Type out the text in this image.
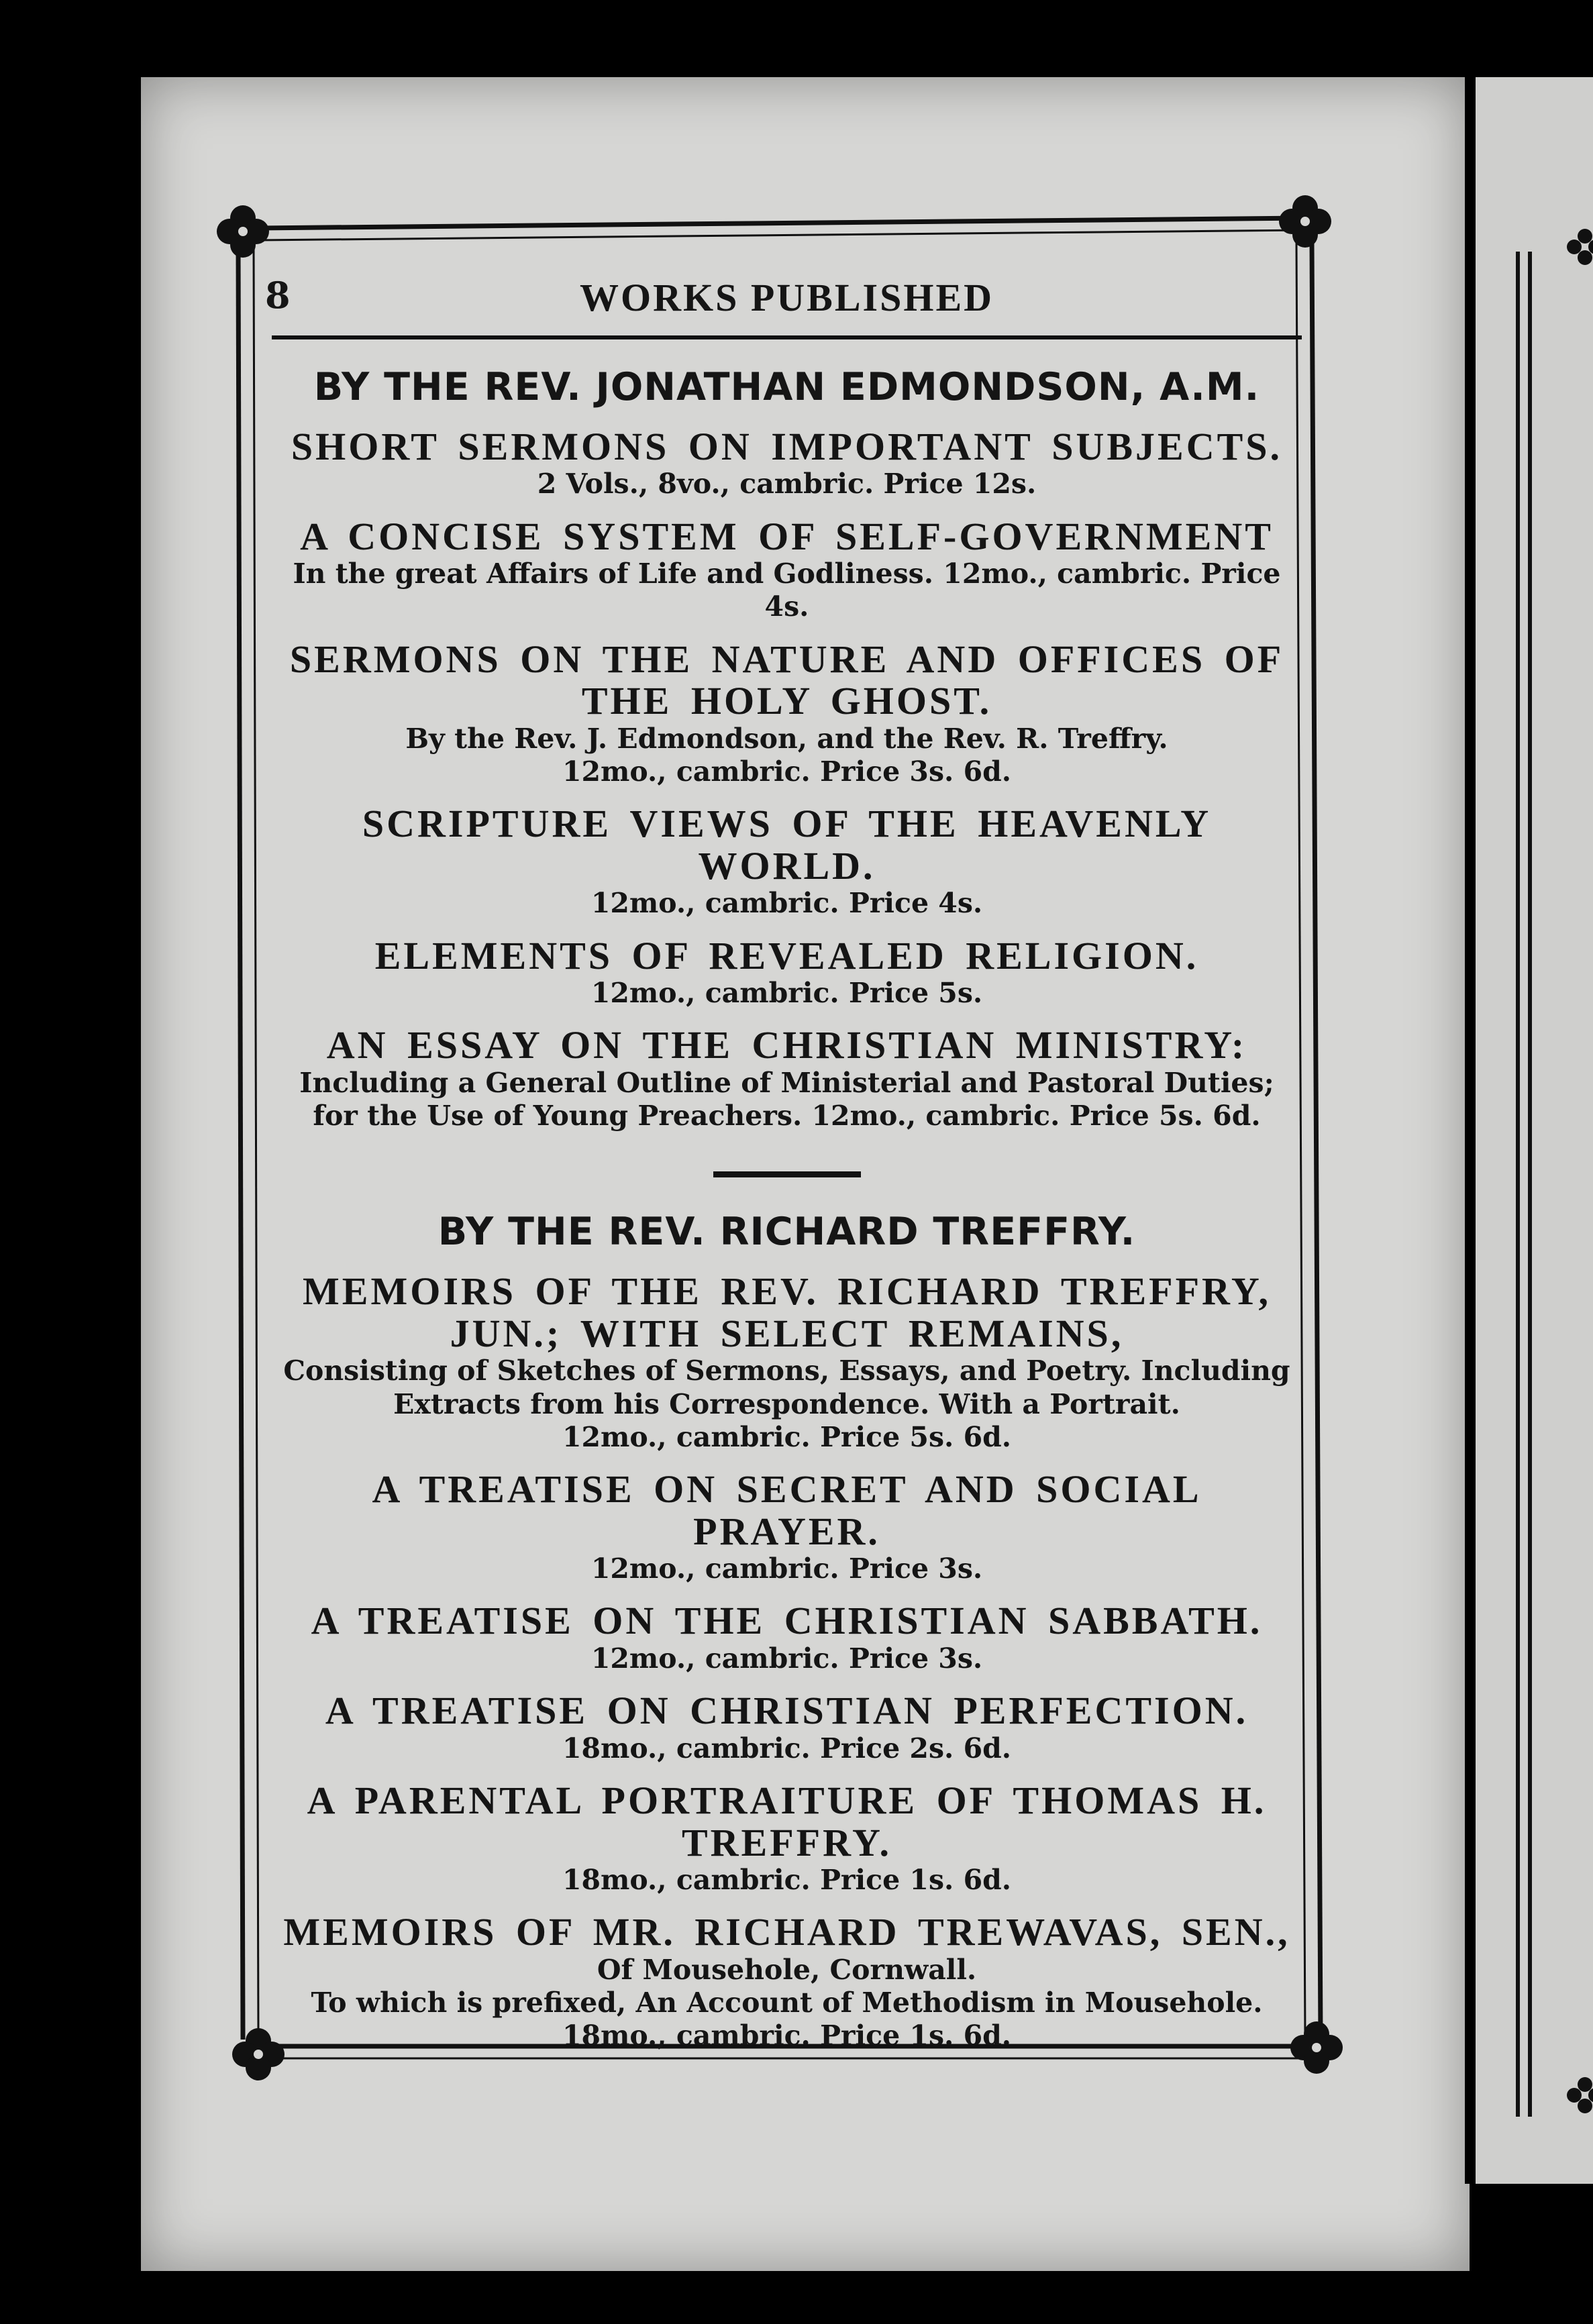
8	WORKS PUBLISHED
BY THE REV. JONATHAN EDMONDSON, A.M.
SHORT SERMONS ON IMPORTANT SUBJECTS.
2 Vols., 8vo., cambric. Price 12s.
A CONCISE SYSTEM OF SELF-GOVERNMENT
In the great Affairs of Life and Godliness. 12mo., cambric. Price 4s.
SERMONS ON THE NATURE AND OFFICES OF THE HOLY GHOST.
By the Rev. J. Edmondson, and the Rev. R. Treffry.
12mo., cambric. Price 3s. 6d.
SCRIPTURE VIEWS OF THE HEAVENLY WORLD.
12mo., cambric. Price 4s.
ELEMENTS OF REVEALED RELIGION.
12mo., cambric. Price 5s.
AN ESSAY ON THE CHRISTIAN MINISTRY:
Including a General Outline of Ministerial and Pastoral Duties;
for the Use of Young Preachers. 12mo., cambric. Price 5s. 6d.
BY THE REV. RICHARD TREFFRY.
MEMOIRS OF THE REV. RICHARD TREFFRY, JUN.; WITH SELECT REMAINS,
Consisting of Sketches of Sermons, Essays, and Poetry. Including
Extracts from his Correspondence. With a Portrait.
12mo., cambric. Price 5s. 6d.
A TREATISE ON SECRET AND SOCIAL PRAYER.
12mo., cambric. Price 3s.
A TREATISE ON THE CHRISTIAN SABBATH.
12mo., cambric. Price 3s.
A TREATISE ON CHRISTIAN PERFECTION.
18mo., cambric. Price 2s. 6d.
A PARENTAL PORTRAITURE OF THOMAS H. TREFFRY.
18mo., cambric. Price 1s. 6d.
MEMOIRS OF MR. RICHARD TREWAVAS, SEN.,
Of Mousehole, Cornwall.
To which is prefixed, An Account of Methodism in Mousehole.
18mo., cambric. Price 1s. 6d.
